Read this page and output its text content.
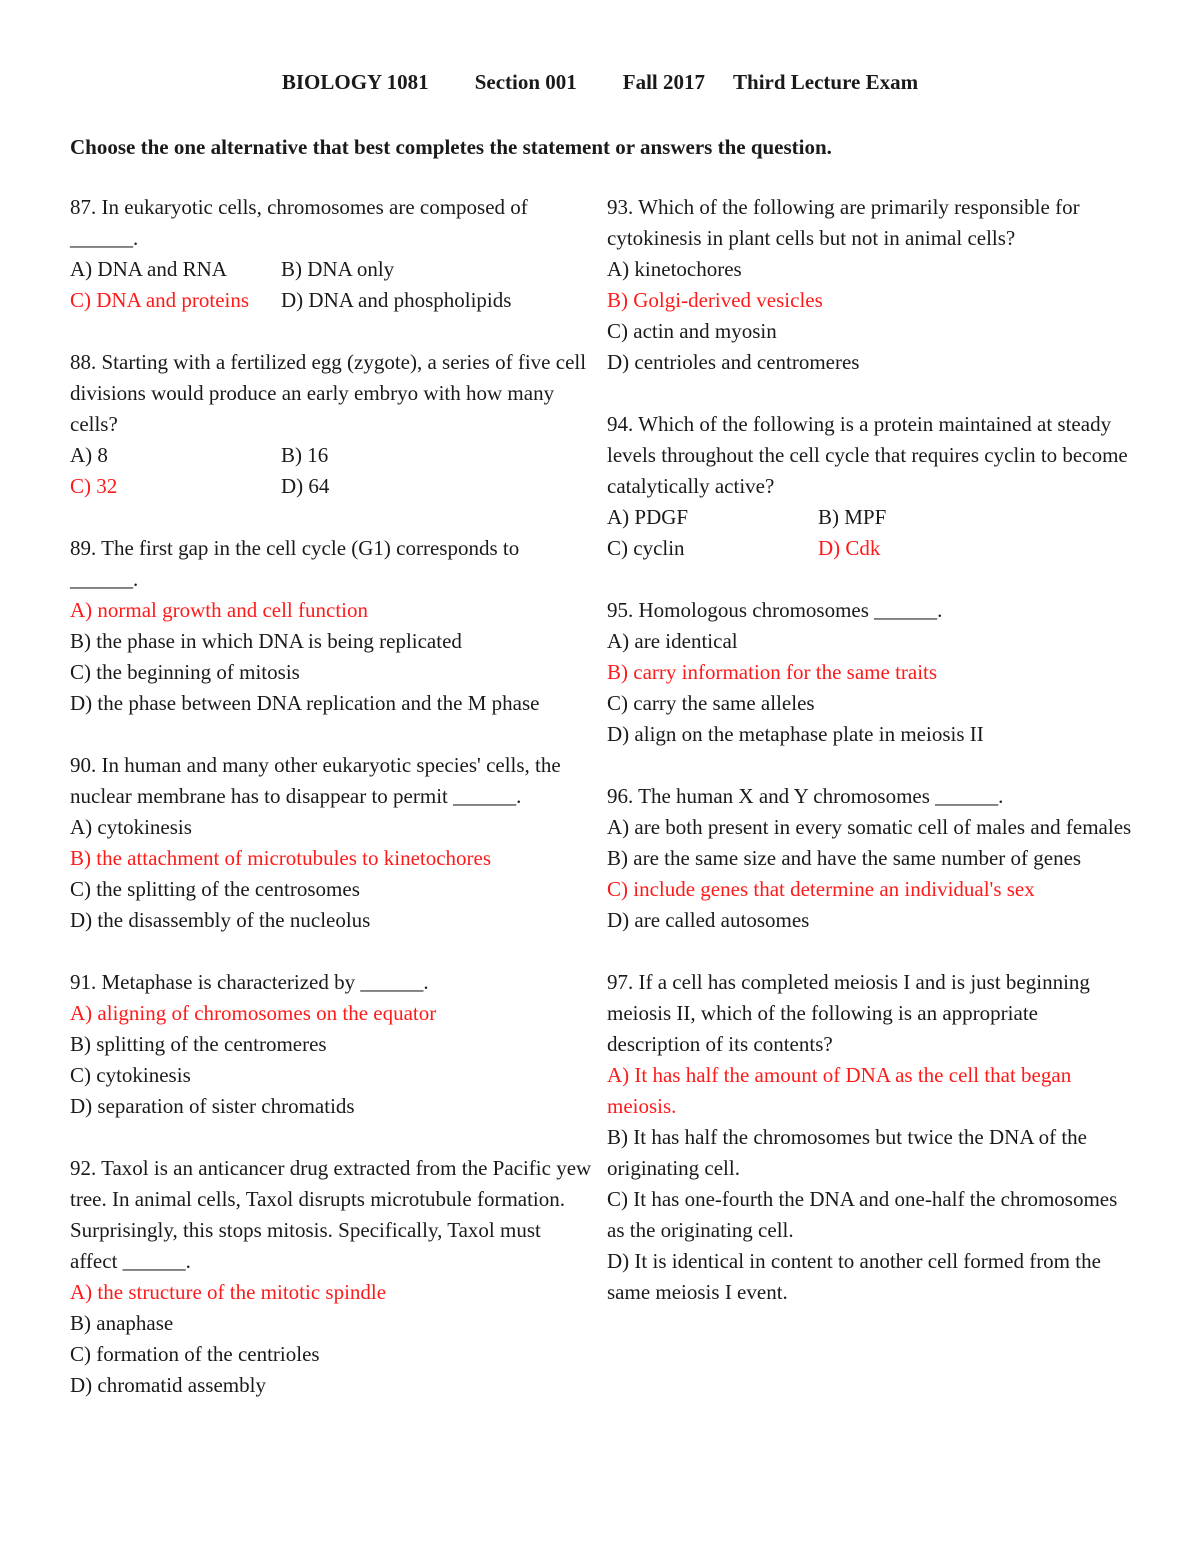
BIOLOGY 1081 Section 001 Fall 2017 Third Lecture Exam
Choose the one alternative that best completes the statement or answers the question.
87. In eukaryotic cells, chromosomes are composed of ______.
A) DNA and RNA	B) DNA only
C) DNA and proteins	D) DNA and phospholipids
88. Starting with a fertilized egg (zygote), a series of five cell divisions would produce an early embryo with how many cells?
A) 8	B) 16
C) 32	D) 64
89. The first gap in the cell cycle (G1) corresponds to ______.
A) normal growth and cell function
B) the phase in which DNA is being replicated
C) the beginning of mitosis
D) the phase between DNA replication and the M phase
90. In human and many other eukaryotic species' cells, the nuclear membrane has to disappear to permit ______.
A) cytokinesis
B) the attachment of microtubules to kinetochores
C) the splitting of the centrosomes
D) the disassembly of the nucleolus
91. Metaphase is characterized by ______.
A) aligning of chromosomes on the equator
B) splitting of the centromeres
C) cytokinesis
D) separation of sister chromatids
92. Taxol is an anticancer drug extracted from the Pacific yew tree. In animal cells, Taxol disrupts microtubule formation. Surprisingly, this stops mitosis. Specifically, Taxol must affect ______.
A) the structure of the mitotic spindle
B) anaphase
C) formation of the centrioles
D) chromatid assembly
93. Which of the following are primarily responsible for cytokinesis in plant cells but not in animal cells?
A) kinetochores
B) Golgi-derived vesicles
C) actin and myosin
D) centrioles and centromeres
94. Which of the following is a protein maintained at steady levels throughout the cell cycle that requires cyclin to become catalytically active?
A) PDGF	B) MPF
C) cyclin	D) Cdk
95. Homologous chromosomes ______.
A) are identical
B) carry information for the same traits
C) carry the same alleles
D) align on the metaphase plate in meiosis II
96. The human X and Y chromosomes ______.
A) are both present in every somatic cell of males and females
B) are the same size and have the same number of genes
C) include genes that determine an individual's sex
D) are called autosomes
97. If a cell has completed meiosis I and is just beginning meiosis II, which of the following is an appropriate description of its contents?
A) It has half the amount of DNA as the cell that began meiosis.
B) It has half the chromosomes but twice the DNA of the originating cell.
C) It has one-fourth the DNA and one-half the chromosomes as the originating cell.
D) It is identical in content to another cell formed from the same meiosis I event.
